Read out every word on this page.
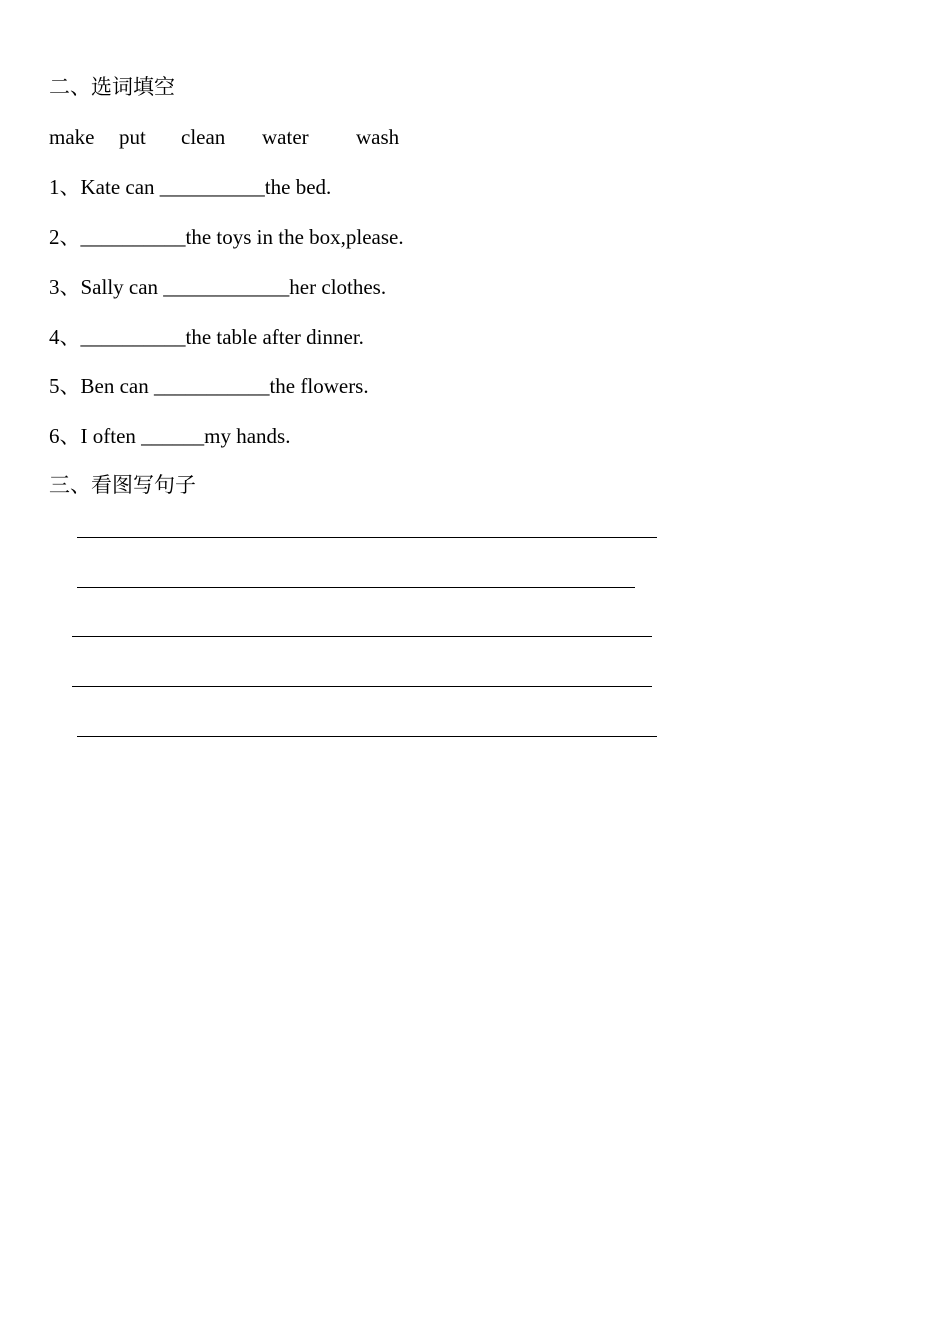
二、选词填空
make put clean water wash
1、Kate can __________the bed.
2、__________the toys in the box,please.
3、Sally can ____________her clothes.
4、__________the table after dinner.
5、Ben can ___________the flowers.
6、I often ______my hands.
三、看图写句子
